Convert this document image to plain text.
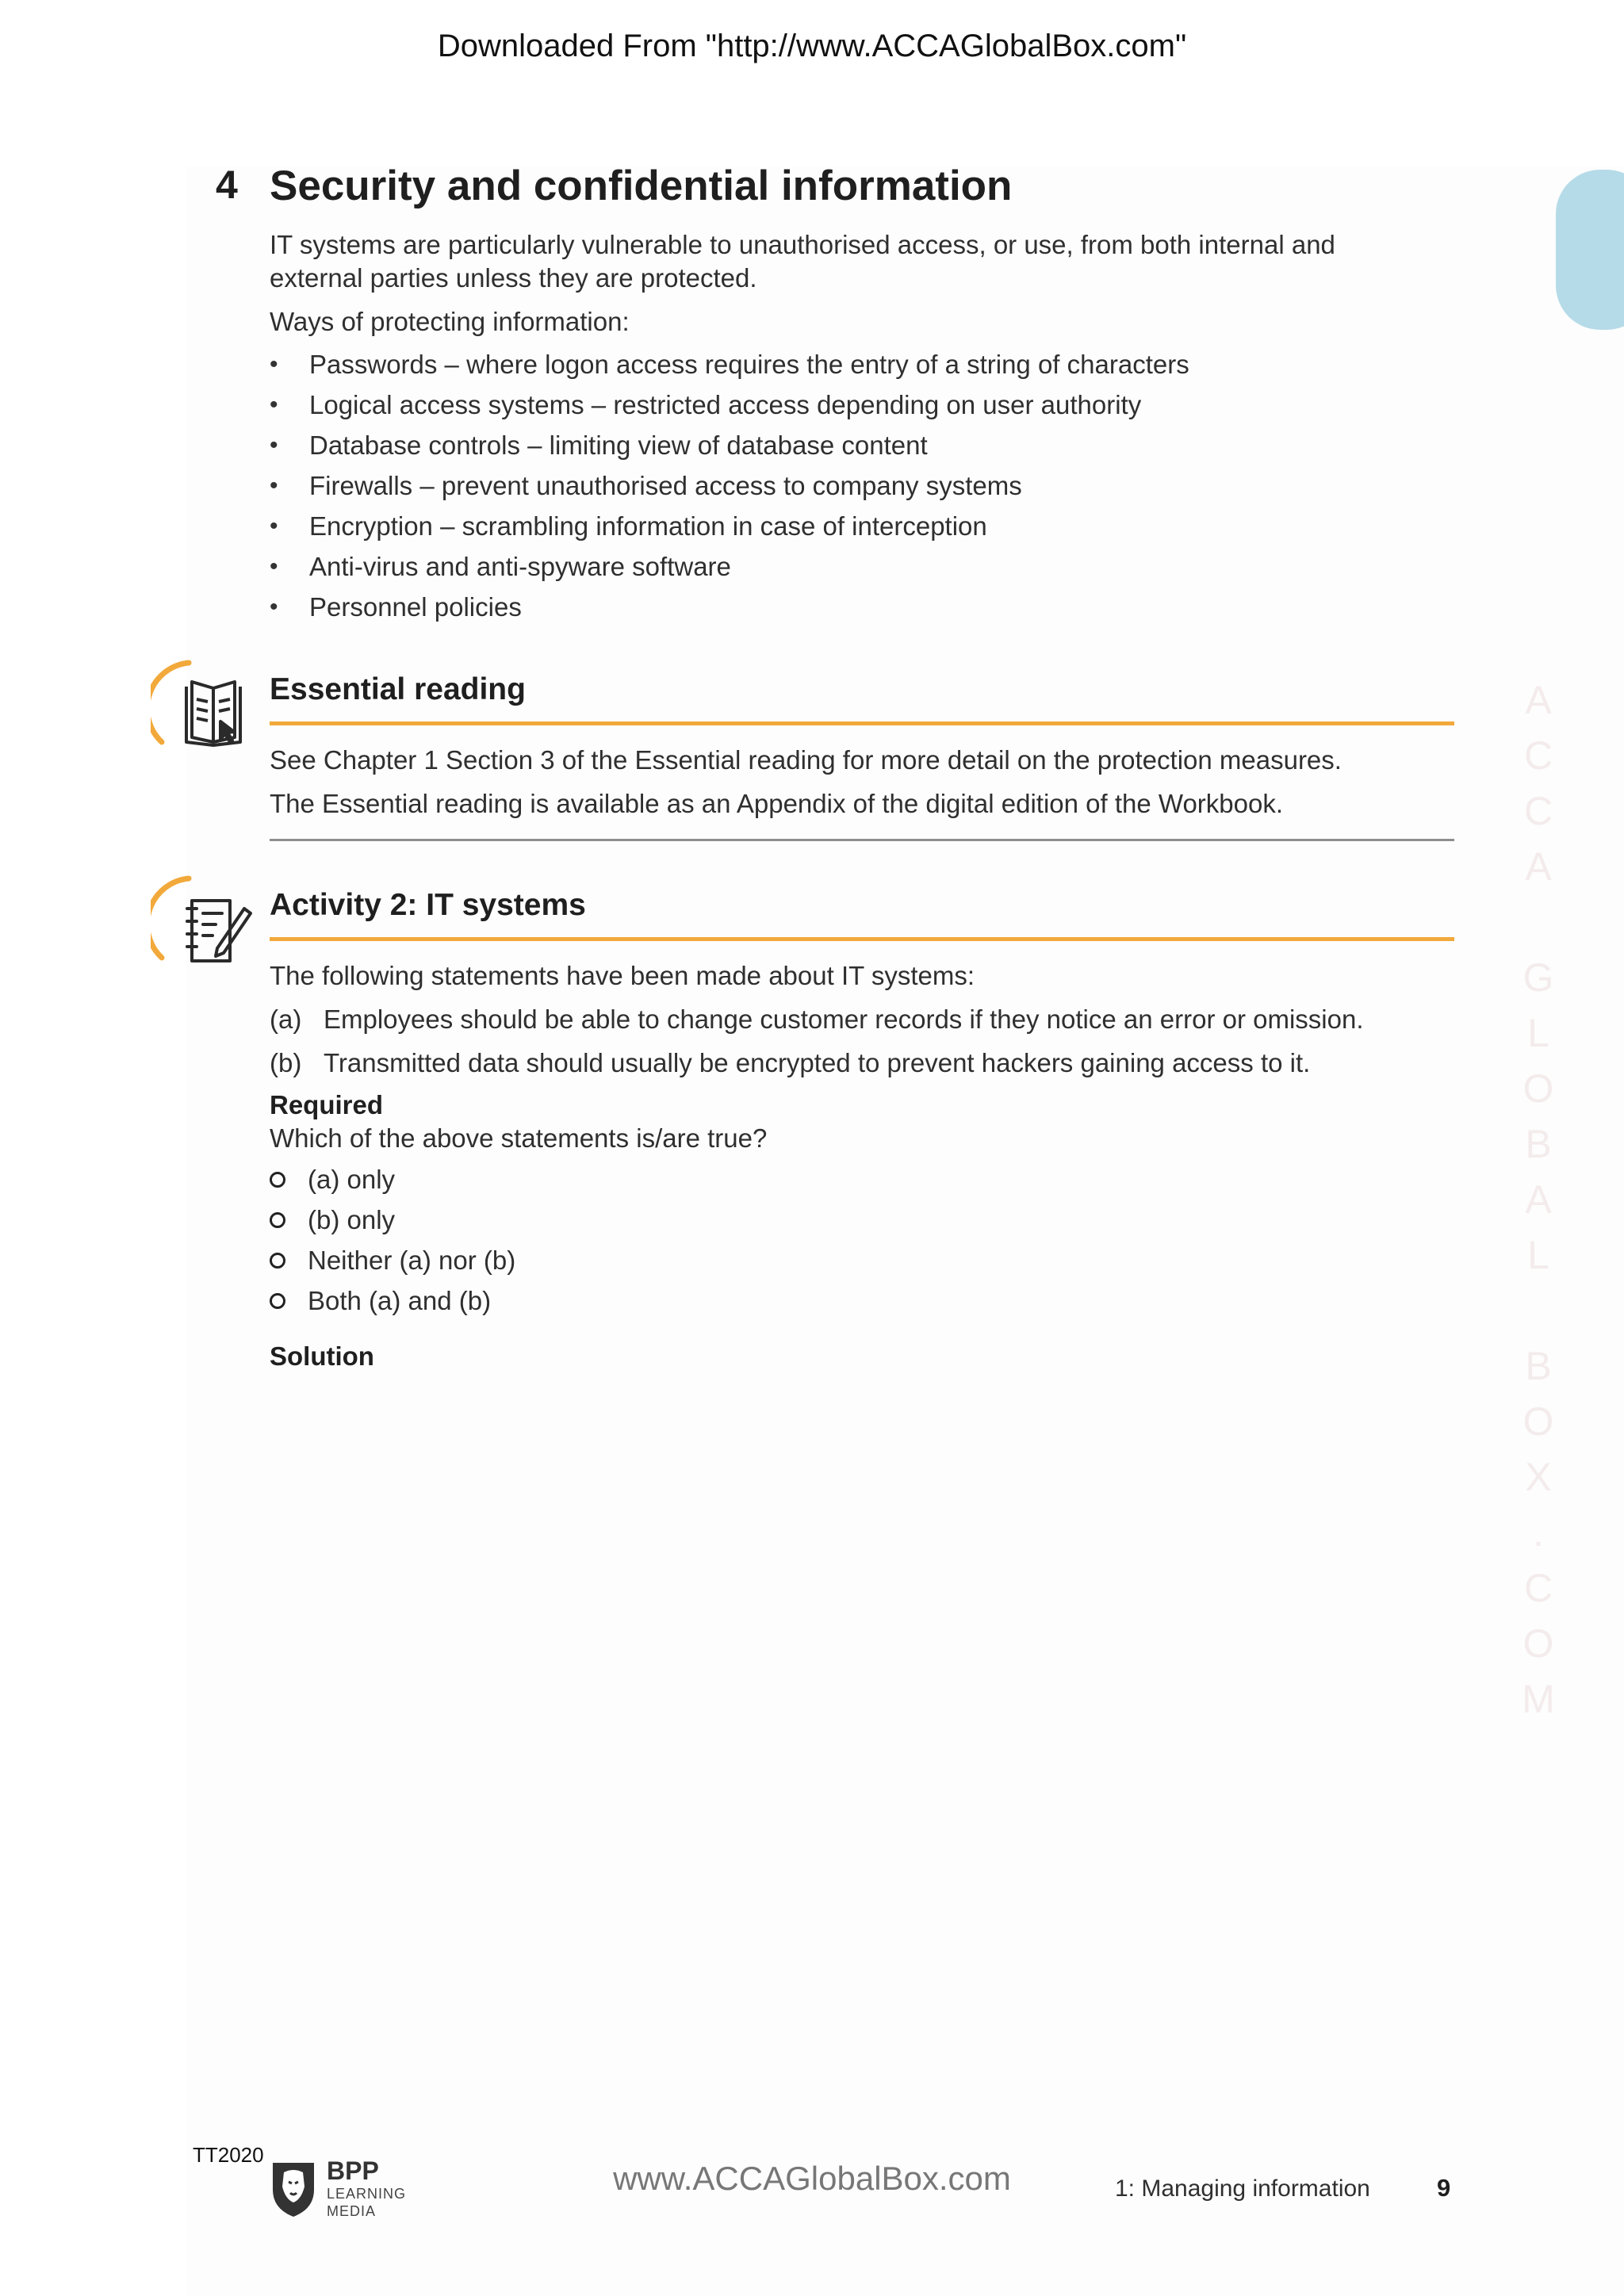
Downloaded From "http://www.ACCAGlobalBox.com"
A
C
C
A
G
L
O
B
A
L
B
O
X
.
C
O
M
4 Security and confidential information
IT systems are particularly vulnerable to unauthorised access, or use, from both internal and external parties unless they are protected.
Ways of protecting information:
•	Passwords – where logon access requires the entry of a string of characters
•	Logical access systems – restricted access depending on user authority
•	Database controls – limiting view of database content
•	Firewalls – prevent unauthorised access to company systems
•	Encryption – scrambling information in case of interception
•	Anti-virus and anti-spyware software
•	Personnel policies
Essential reading
See Chapter 1 Section 3 of the Essential reading for more detail on the protection measures.
The Essential reading is available as an Appendix of the digital edition of the Workbook.
Activity 2: IT systems
The following statements have been made about IT systems:
(a) Employees should be able to change customer records if they notice an error or omission.
(b) Transmitted data should usually be encrypted to prevent hackers gaining access to it.
Required
Which of the above statements is/are true?
(a) only
(b) only
Neither (a) nor (b)
Both (a) and (b)
Solution
TT2020
BPP
LEARNING
MEDIA
www.ACCAGlobalBox.com	1: Managing information	9
